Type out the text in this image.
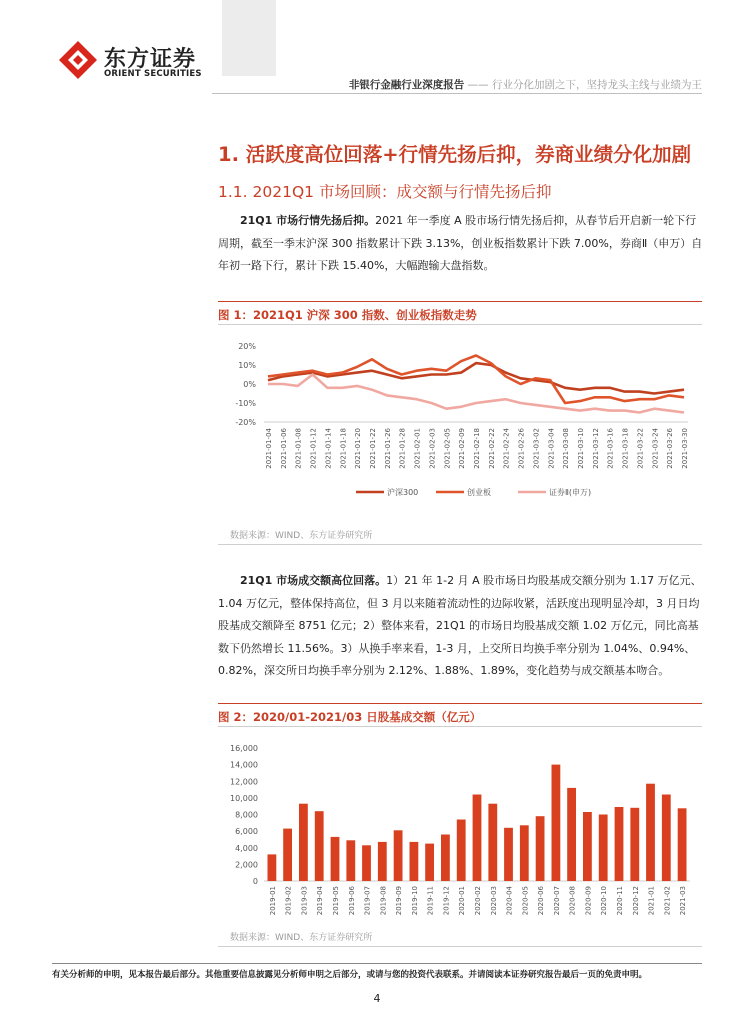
东方证券
ORIENT SECURITIES
非银行金融行业深度报告 —— 行业分化加剧之下，坚持龙头主线与业绩为王
1. 活跃度高位回落+行情先扬后抑，券商业绩分化加剧
1.1. 2021Q1 市场回顾：成交额与行情先扬后抑

21Q1 市场行情先扬后抑。2021 年一季度 A 股市场行情先扬后抑，从春节后开启新一轮下行

周期，截至一季末沪深 300 指数累计下跌 3.13%，创业板指数累计下跌 7.00%，券商Ⅱ（申万）自

年初一路下行，累计下跌 15.40%，大幅跑输大盘指数。

图 1：2021Q1 沪深 300 指数、创业板指数走势
20%
10%
0%
-10%
-20%
2021-01-04 2021-01-06 2021-01-08 2021-01-12 2021-01-14 2021-01-18 2021-01-20 2021-01-22 2021-01-26 2021-01-28 2021-02-01 2021-02-03 2021-02-05 2021-02-09 2021-02-18 2021-02-22 2021-02-24 2021-02-26 2021-03-02 2021-03-04 2021-03-08 2021-03-10 2021-03-12 2021-03-16 2021-03-18 2021-03-22 2021-03-24 2021-03-26 2021-03-30
沪深300	创业板	证券Ⅱ(申万)
数据来源：WIND、东方证券研究所

21Q1 市场成交额高位回落。1）21 年 1-2 月 A 股市场日均股基成交额分别为 1.17 万亿元、

1.04 万亿元，整体保持高位，但 3 月以来随着流动性的边际收紧，活跃度出现明显冷却，3 月日均

股基成交额降至 8751 亿元；2）整体来看，21Q1 的市场日均股基成交额 1.02 万亿元，同比高基

数下仍然增长 11.56%。3）从换手率来看，1-3 月，上交所日均换手率分别为 1.04%、0.94%、

0.82%，深交所日均换手率分别为 2.12%、1.88%、1.89%，变化趋势与成交额基本吻合。

图 2：2020/01-2021/03 日股基成交额（亿元）
16,000
14,000
12,000
10,000
8,000
6,000
4,000
2,000
0
2019-01 2019-02 2019-03 2019-04 2019-05 2019-06 2019-07 2019-08 2019-09 2019-10 2019-11 2019-12 2020-01 2020-02 2020-03 2020-04 2020-05 2020-06 2020-07 2020-08 2020-09 2020-10 2020-11 2020-12 2021-01 2021-02 2021-03
数据来源：WIND、东方证券研究所
有关分析师的申明，见本报告最后部分。其他重要信息披露见分析师申明之后部分，或请与您的投资代表联系。并请阅读本证券研究报告最后一页的免责申明。
4
